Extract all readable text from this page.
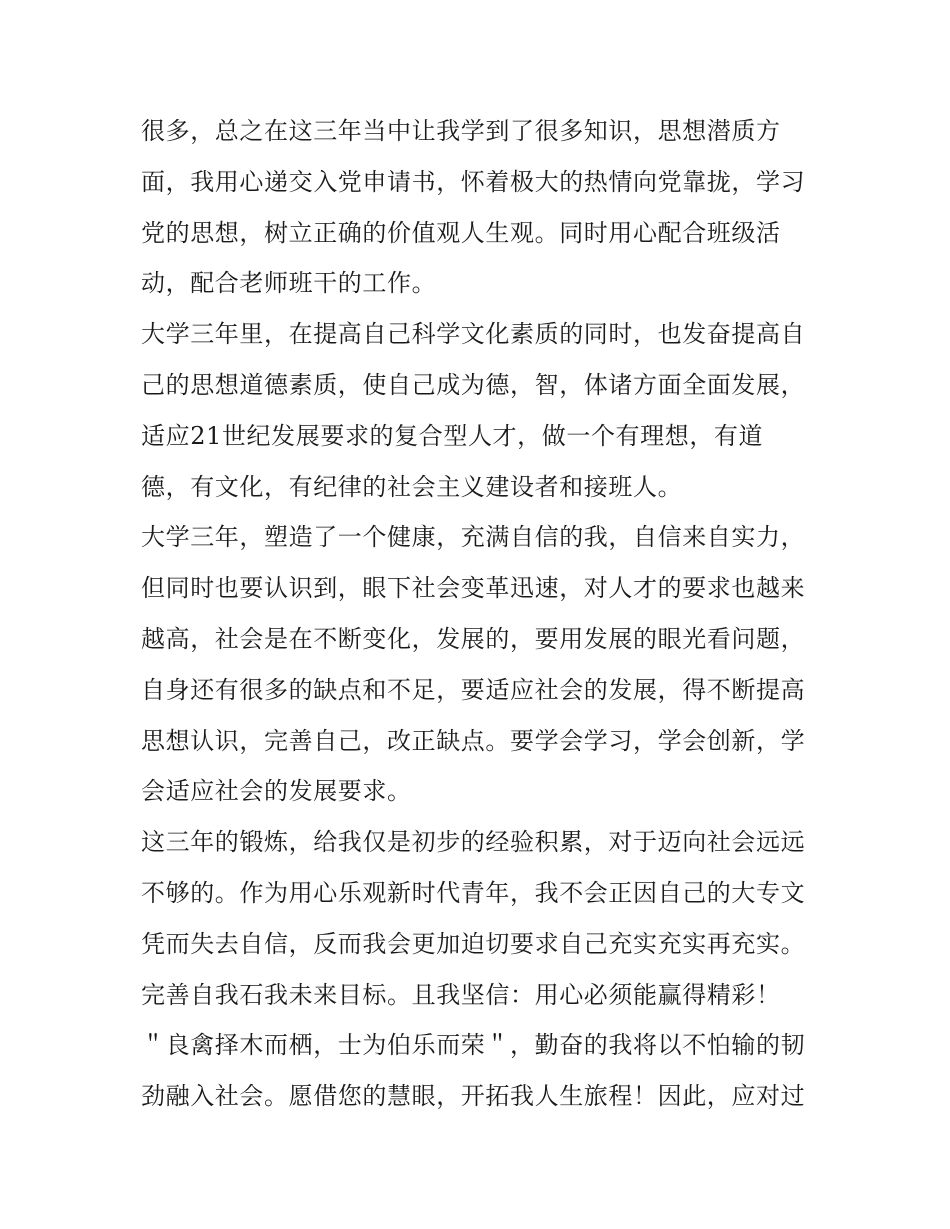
很多，总之在这三年当中让我学到了很多知识，思想潜质方
面，我用心递交入党申请书，怀着极大的热情向党靠拢，学习
党的思想，树立正确的价值观人生观。同时用心配合班级活
动，配合老师班干的工作。
大学三年里，在提高自己科学文化素质的同时，也发奋提高自
己的思想道德素质，使自己成为德，智，体诸方面全面发展，
适应21世纪发展要求的复合型人才，做一个有理想，有道
德，有文化，有纪律的社会主义建设者和接班人。
大学三年，塑造了一个健康，充满自信的我，自信来自实力，
但同时也要认识到，眼下社会变革迅速，对人才的要求也越来
越高，社会是在不断变化，发展的，要用发展的眼光看问题，
自身还有很多的缺点和不足，要适应社会的发展，得不断提高
思想认识，完善自己，改正缺点。要学会学习，学会创新，学
会适应社会的发展要求。
这三年的锻炼，给我仅是初步的经验积累，对于迈向社会远远
不够的。作为用心乐观新时代青年，我不会正因自己的大专文
凭而失去自信，反而我会更加迫切要求自己充实充实再充实。
完善自我石我未来目标。且我坚信：用心必须能赢得精彩！
＂良禽择木而栖，士为伯乐而荣＂，勤奋的我将以不怕输的韧
劲融入社会。愿借您的慧眼，开拓我人生旅程！因此，应对过
